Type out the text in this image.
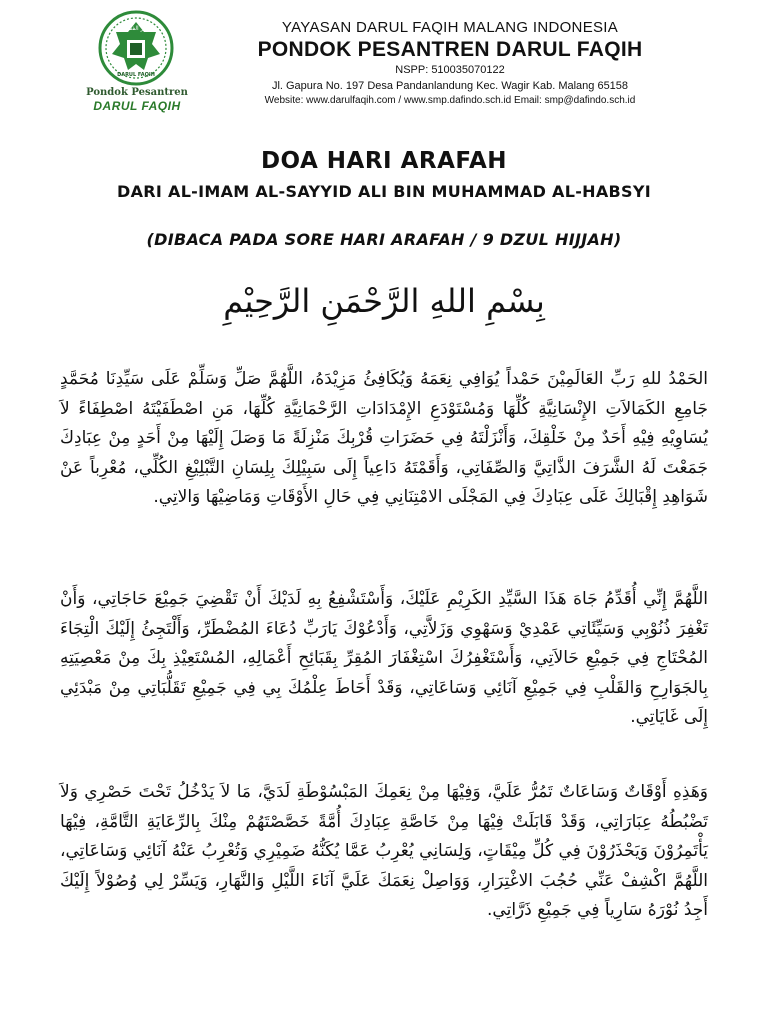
دار الفقيه
DARUL FAQIH
Pondok Pesantren
DARUL FAQIH
YAYASAN DARUL FAQIH MALANG INDONESIA
PONDOK PESANTREN DARUL FAQIH
NSPP: 510035070122
Jl. Gapura No. 197 Desa Pandanlandung Kec. Wagir Kab. Malang 65158
Website: www.darulfaqih.com / www.smp.dafindo.sch.id Email: smp@dafindo.sch.id
DOA HARI ARAFAH
DARI AL-IMAM AL-SAYYID ALI BIN MUHAMMAD AL-HABSYI
(DIBACA PADA SORE HARI ARAFAH / 9 DZUL HIJJAH)
بِسْمِ اللهِ الرَّحْمَنِ الرَّحِيْمِ

الحَمْدُ للهِ رَبِّ العَالَمِيْنَ حَمْداً يُوَافِي نِعَمَهُ وَيُكَافِئُ مَزِيْدَهُ، اللَّهُمَّ صَلِّ وَسَلِّمْ عَلَى سَيِّدِنَا مُحَمَّدٍ جَامِعِ الكَمَالاَتِ الإِنْسَانِيَّةِ كُلِّهَا وَمُسْتَوْدَعِ الإِمْدَادَاتِ الرَّحْمَانِيَّةِ كُلِّهَا، مَنِ اصْطَفَيْتَهُ اصْطِفَاءً لاَ يُسَاوِيْهِ فِيْهِ أَحَدٌ مِنْ خَلْقِكَ، وَأَنْزَلْتَهُ فِي حَضَرَاتِ قُرْبِكَ مَنْزِلَةً مَا وَصَلَ إِلَيْهَا مِنْ أَحَدٍ مِنْ عِبَادِكَ جَمَعْتَ لَهُ الشَّرَفَ الذَّاتِيَّ وَالصِّفَاتِي، وَأَقَمْتَهُ دَاعِياً إِلَى سَبِيْلِكَ بِلِسَانِ التَّبْلِيْغِ الكُلِّي، مُعْرِباً عَنْ شَوَاهِدِ إِقْبَالِكَ عَلَى عِبَادِكَ فِي المَجْلَى الامْتِنَانِي فِي حَالِ الأَوْقَاتِ وَمَاضِيْهَا وَالاتِي.

اللَّهُمَّ إِنِّي أُقَدِّمُ جَاهَ هَذَا السَّيِّدِ الكَرِيْمِ عَلَيْكَ، وَأَسْتَشْفِعُ بِهِ لَدَيْكَ أَنْ تَقْضِيَ جَمِيْعَ حَاجَاتِي، وَأَنْ تَغْفِرَ ذُنُوْبِي وَسَيِّئَاتِي عَمْدِيْ وَسَهْوِي وَزَلاَّتِي، وَأَدْعُوْكَ يَارَبِّ دُعَاءَ المُضْطَرِّ، وَأَلْتَجِئُ إِلَيْكَ الْتِجَاءَ المُحْتَاجِ فِي جَمِيْعِ حَالاَتِي، وَأَسْتَغْفِرُكَ اسْتِغْفَارَ المُقِرِّ بِقَبَائِحِ أَعْمَالِهِ، المُسْتَعِيْذِ بِكَ مِنْ مَعْصِيَتِهِ بِالجَوَارِحِ وَالقَلْبِ فِي جَمِيْعِ آنَائِي وَسَاعَاتِي، وَقَدْ أَحَاطَ عِلْمُكَ بِي فِي جَمِيْعِ تَقَلُّبَاتِي مِنْ مَبْدَئِي إِلَى غَايَاتِي.

وَهَذِهِ أَوْقَاتٌ وَسَاعَاتٌ تَمُرُّ عَلَيَّ، وَفِيْهَا مِنْ نِعَمِكَ المَبْسُوْطَةِ لَدَيَّ، مَا لاَ يَدْخُلُ تَحْتَ حَصْرِي وَلاَ تَضْبُطُهُ عِبَارَاتِي، وَقَدْ قَابَلَتْ فِيْهَا مِنْ خَاصَّةِ عِبَادِكَ أُمَّةً خَصَّصْتَهُمْ مِنْكَ بِالرِّعَايَةِ التَّامَّةِ، فِيْهَا يَأْتَمِرُوْنَ وَيَحْذَرُوْنَ فِي كُلِّ مِيْقَاتٍ، وَلِسَانِي يُعْرِبُ عَمَّا يُكَنُّهُ ضَمِيْرِي وَتُعْرِبُ عَنْهُ آنَائِي وَسَاعَاتِي، اللَّهُمَّ اكْشِفْ عَنِّي حُجُبَ الاغْتِرَارِ، وَوَاصِلْ نِعَمَكَ عَلَيَّ آنَاءَ اللَّيْلِ وَالنَّهَارِ، وَيَسِّرْ لِي وُصُوْلاً إِلَيْكَ أَجِدُ نُوْرَهُ سَارِياً فِي جَمِيْعِ ذَرَّاتِي.
